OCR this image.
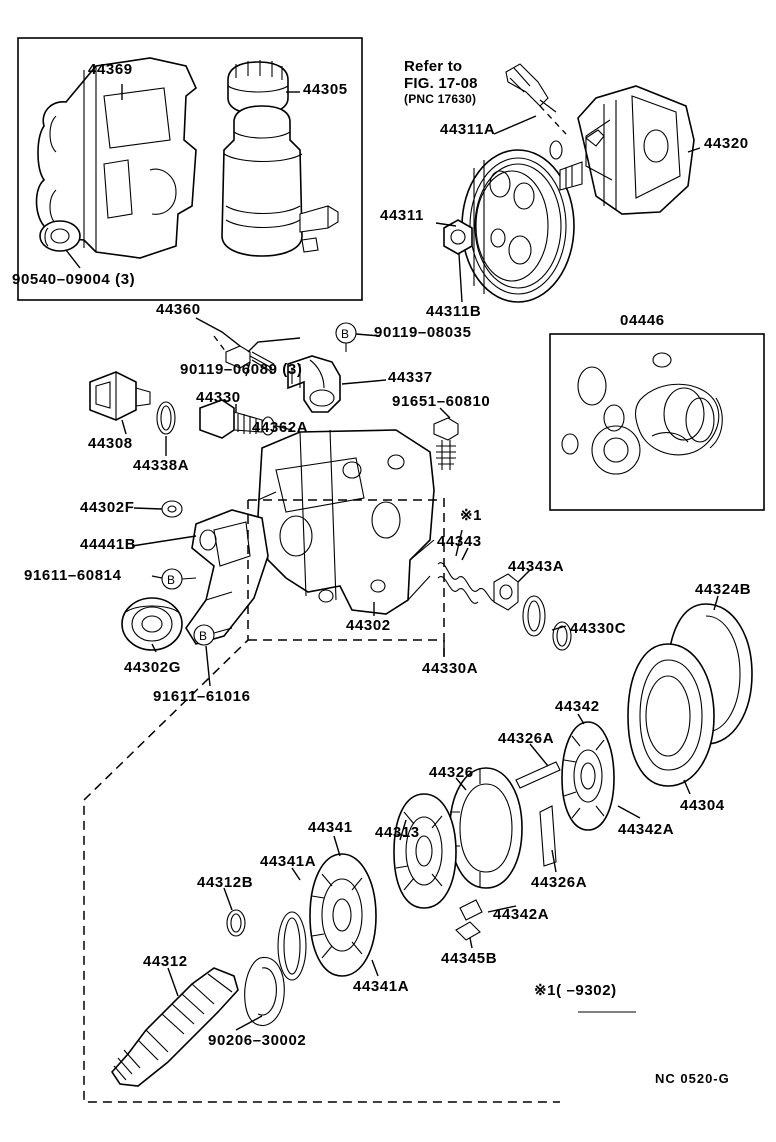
B
B
B
Refer to
FIG. 17-08
(PNC 17630)
44369
44305
90540–09004 (3)
44360
44311A
44320
44311
44311B
04446
90119–08035
90119–06089 (3)	44337
91651–60810
44330
44362A
44308
44338A
44302F
44441B
91611–60814
44302
44302G
91611–61016
※1
44343
44343A
44330C
44330A
44324B
44304
44342
44326A
44326
44342A
44326A
44313
44341
44341A
44312B
44342A
44345B
44341A
44312
90206–30002
※1( –9302)
NC 0520-G
